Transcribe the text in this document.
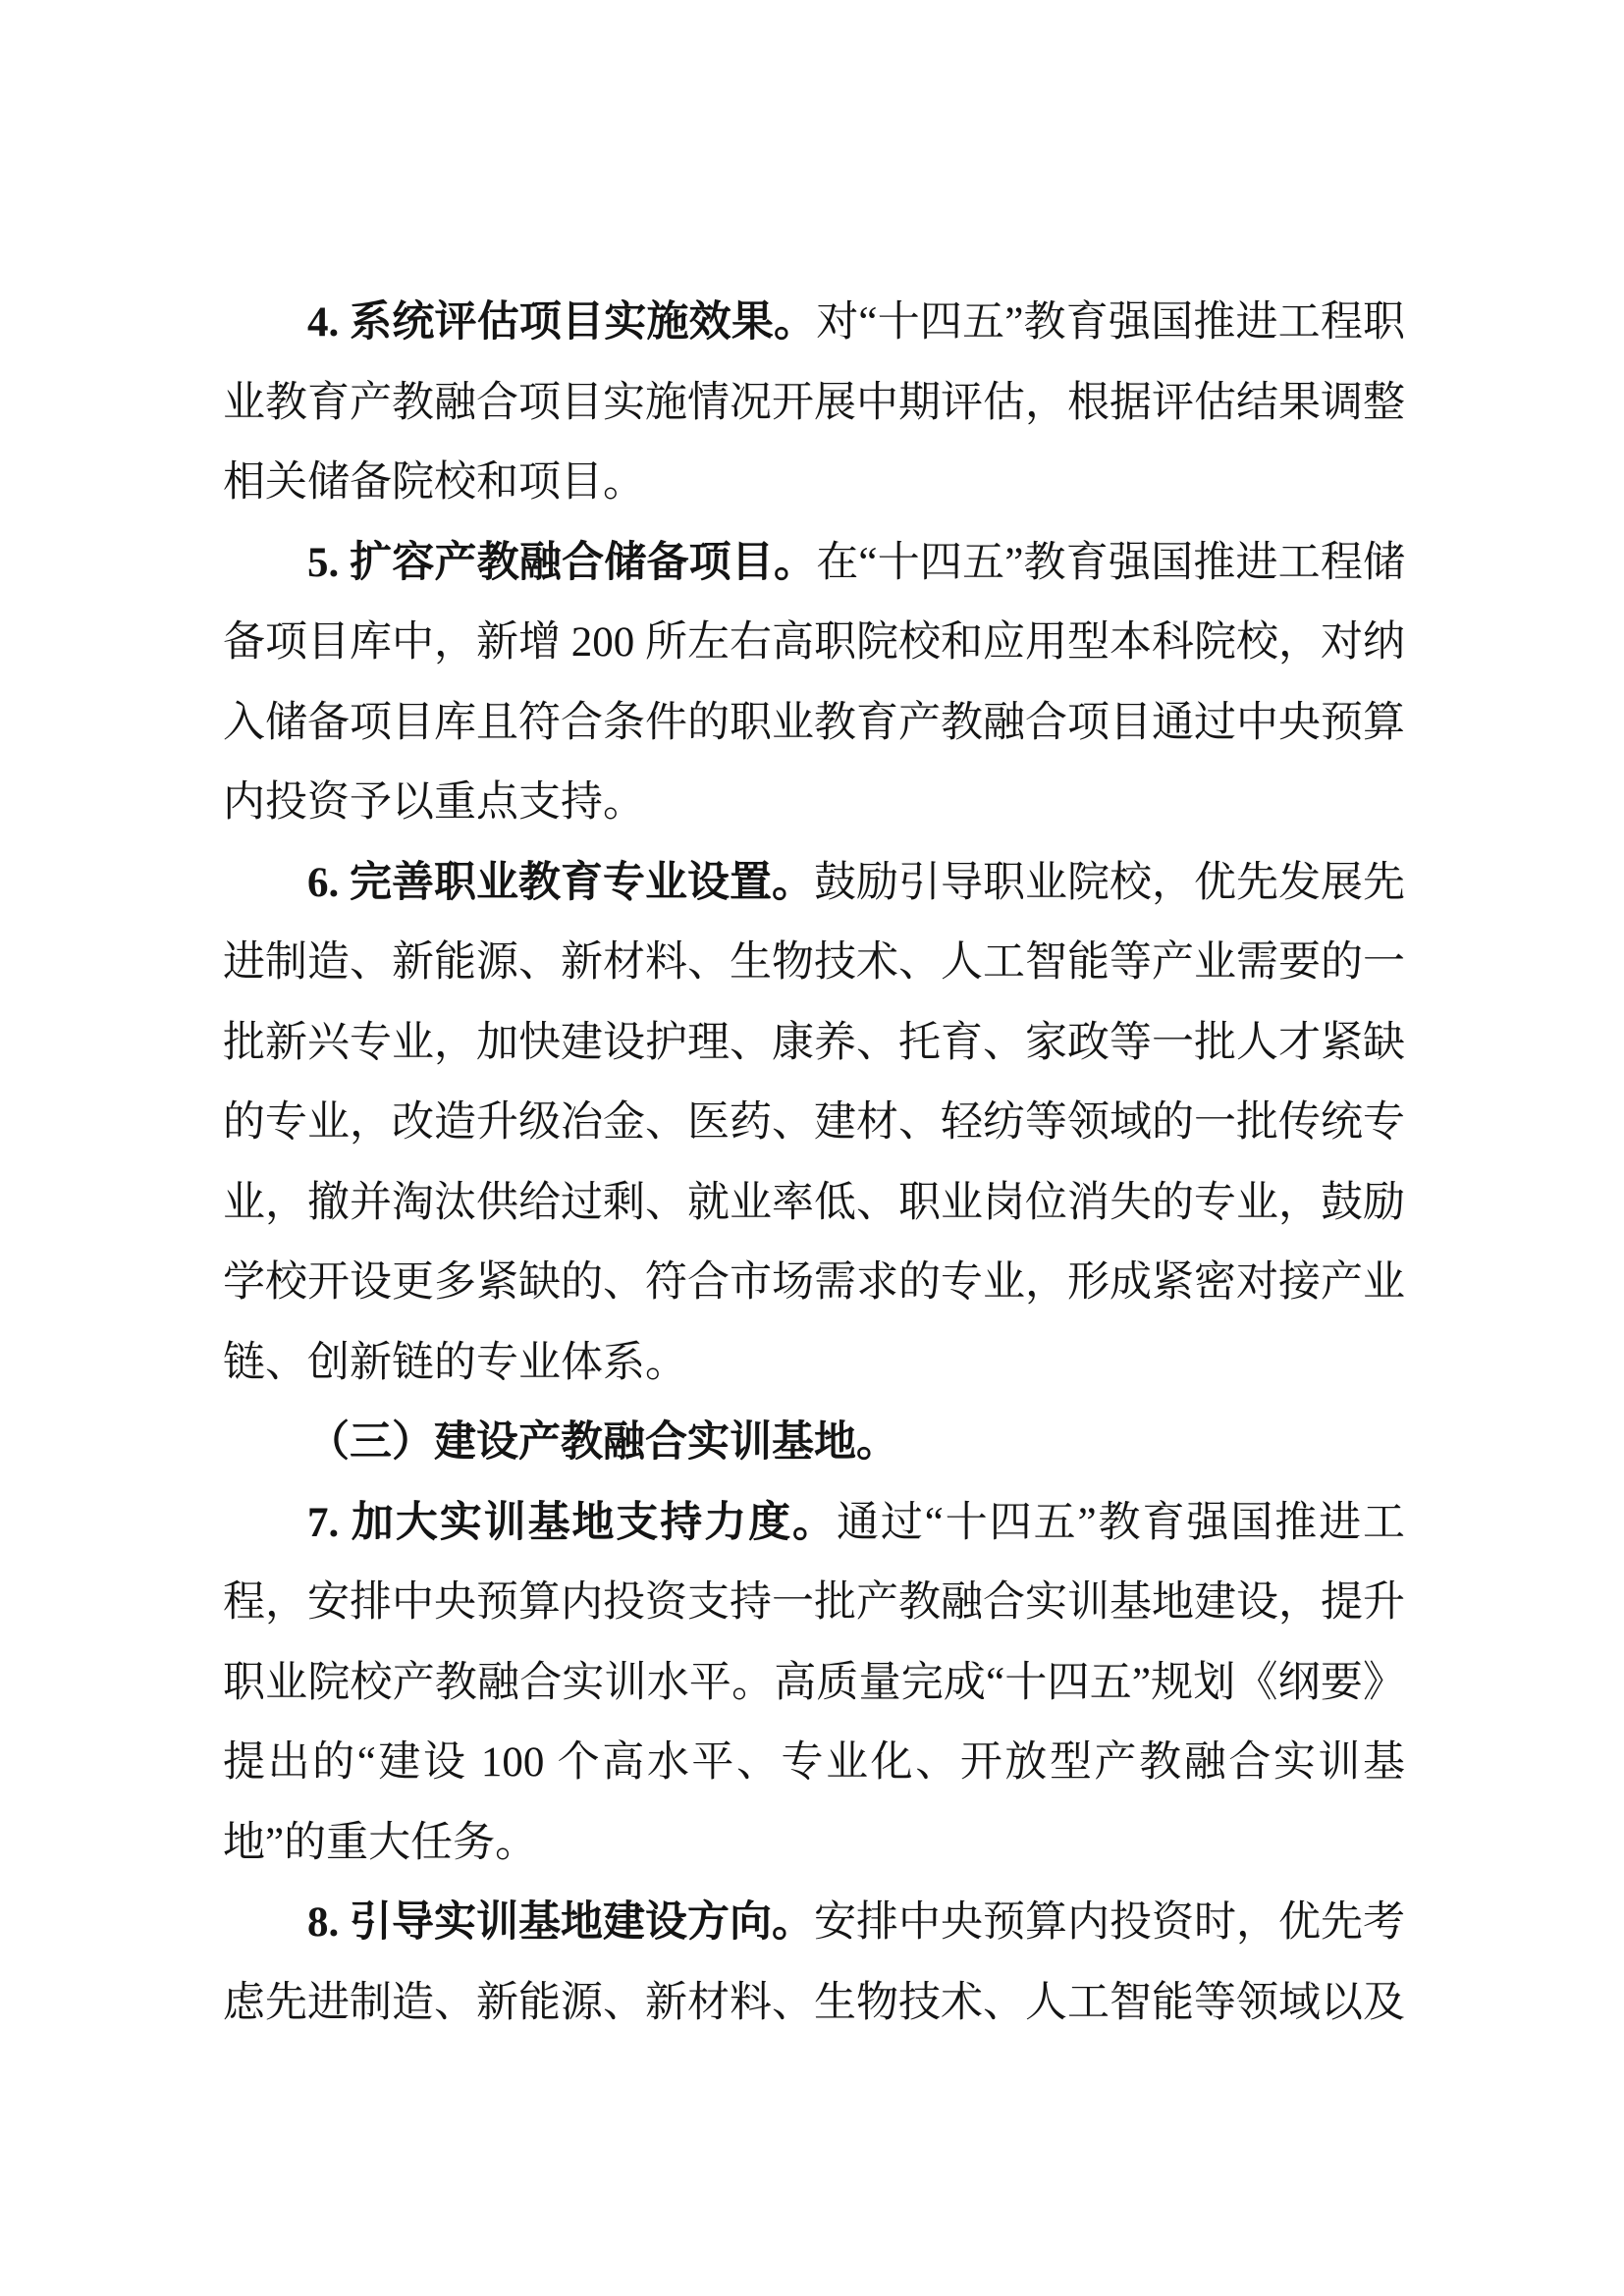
4. 系统评估项目实施效果。对“十四五”教育强国推进工程职业教育产教融合项目实施情况开展中期评估，根据评估结果调整相关储备院校和项目。

5. 扩容产教融合储备项目。在“十四五”教育强国推进工程储备项目库中，新增 200 所左右高职院校和应用型本科院校，对纳入储备项目库且符合条件的职业教育产教融合项目通过中央预算内投资予以重点支持。

6. 完善职业教育专业设置。鼓励引导职业院校，优先发展先进制造、新能源、新材料、生物技术、人工智能等产业需要的一批新兴专业，加快建设护理、康养、托育、家政等一批人才紧缺的专业，改造升级冶金、医药、建材、轻纺等领域的一批传统专业，撤并淘汰供给过剩、就业率低、职业岗位消失的专业，鼓励学校开设更多紧缺的、符合市场需求的专业，形成紧密对接产业链、创新链的专业体系。

（三）建设产教融合实训基地。

7. 加大实训基地支持力度。通过“十四五”教育强国推进工程，安排中央预算内投资支持一批产教融合实训基地建设，提升职业院校产教融合实训水平。高质量完成“十四五”规划《纲要》提出的“建设 100 个高水平、专业化、开放型产教融合实训基地”的重大任务。

8. 引导实训基地建设方向。安排中央预算内投资时，优先考虑先进制造、新能源、新材料、生物技术、人工智能等领域以及
